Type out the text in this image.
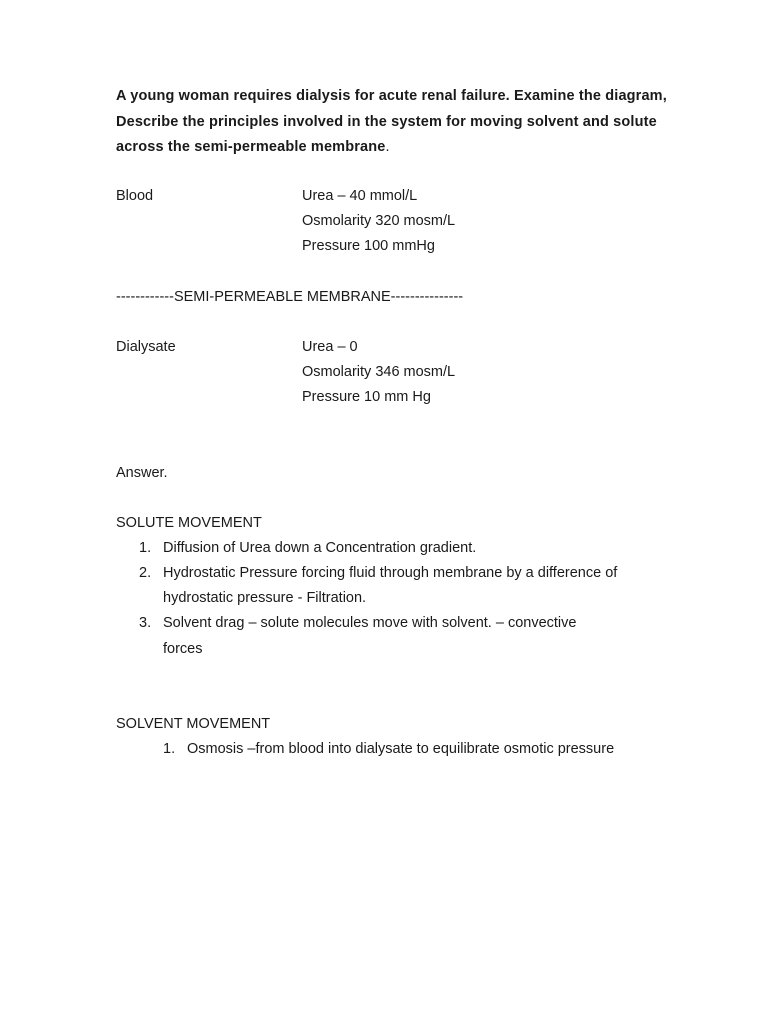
A young woman requires dialysis for acute renal failure. Examine the diagram, Describe the principles involved in the system for moving solvent and solute across the semi-permeable membrane.
Blood	Urea – 40 mmol/L
Osmolarity 320 mosm/L
Pressure 100 mmHg
------------SEMI-PERMEABLE MEMBRANE---------------
Dialysate	Urea – 0
Osmolarity 346 mosm/L
Pressure 10 mm Hg
Answer.
SOLUTE MOVEMENT
1. Diffusion of Urea down a Concentration gradient.
2. Hydrostatic Pressure forcing fluid through membrane by a difference of
hydrostatic pressure - Filtration.
3. Solvent drag – solute molecules move with solvent. – convective
forces
SOLVENT MOVEMENT
1. Osmosis –from blood into dialysate to equilibrate osmotic pressure
